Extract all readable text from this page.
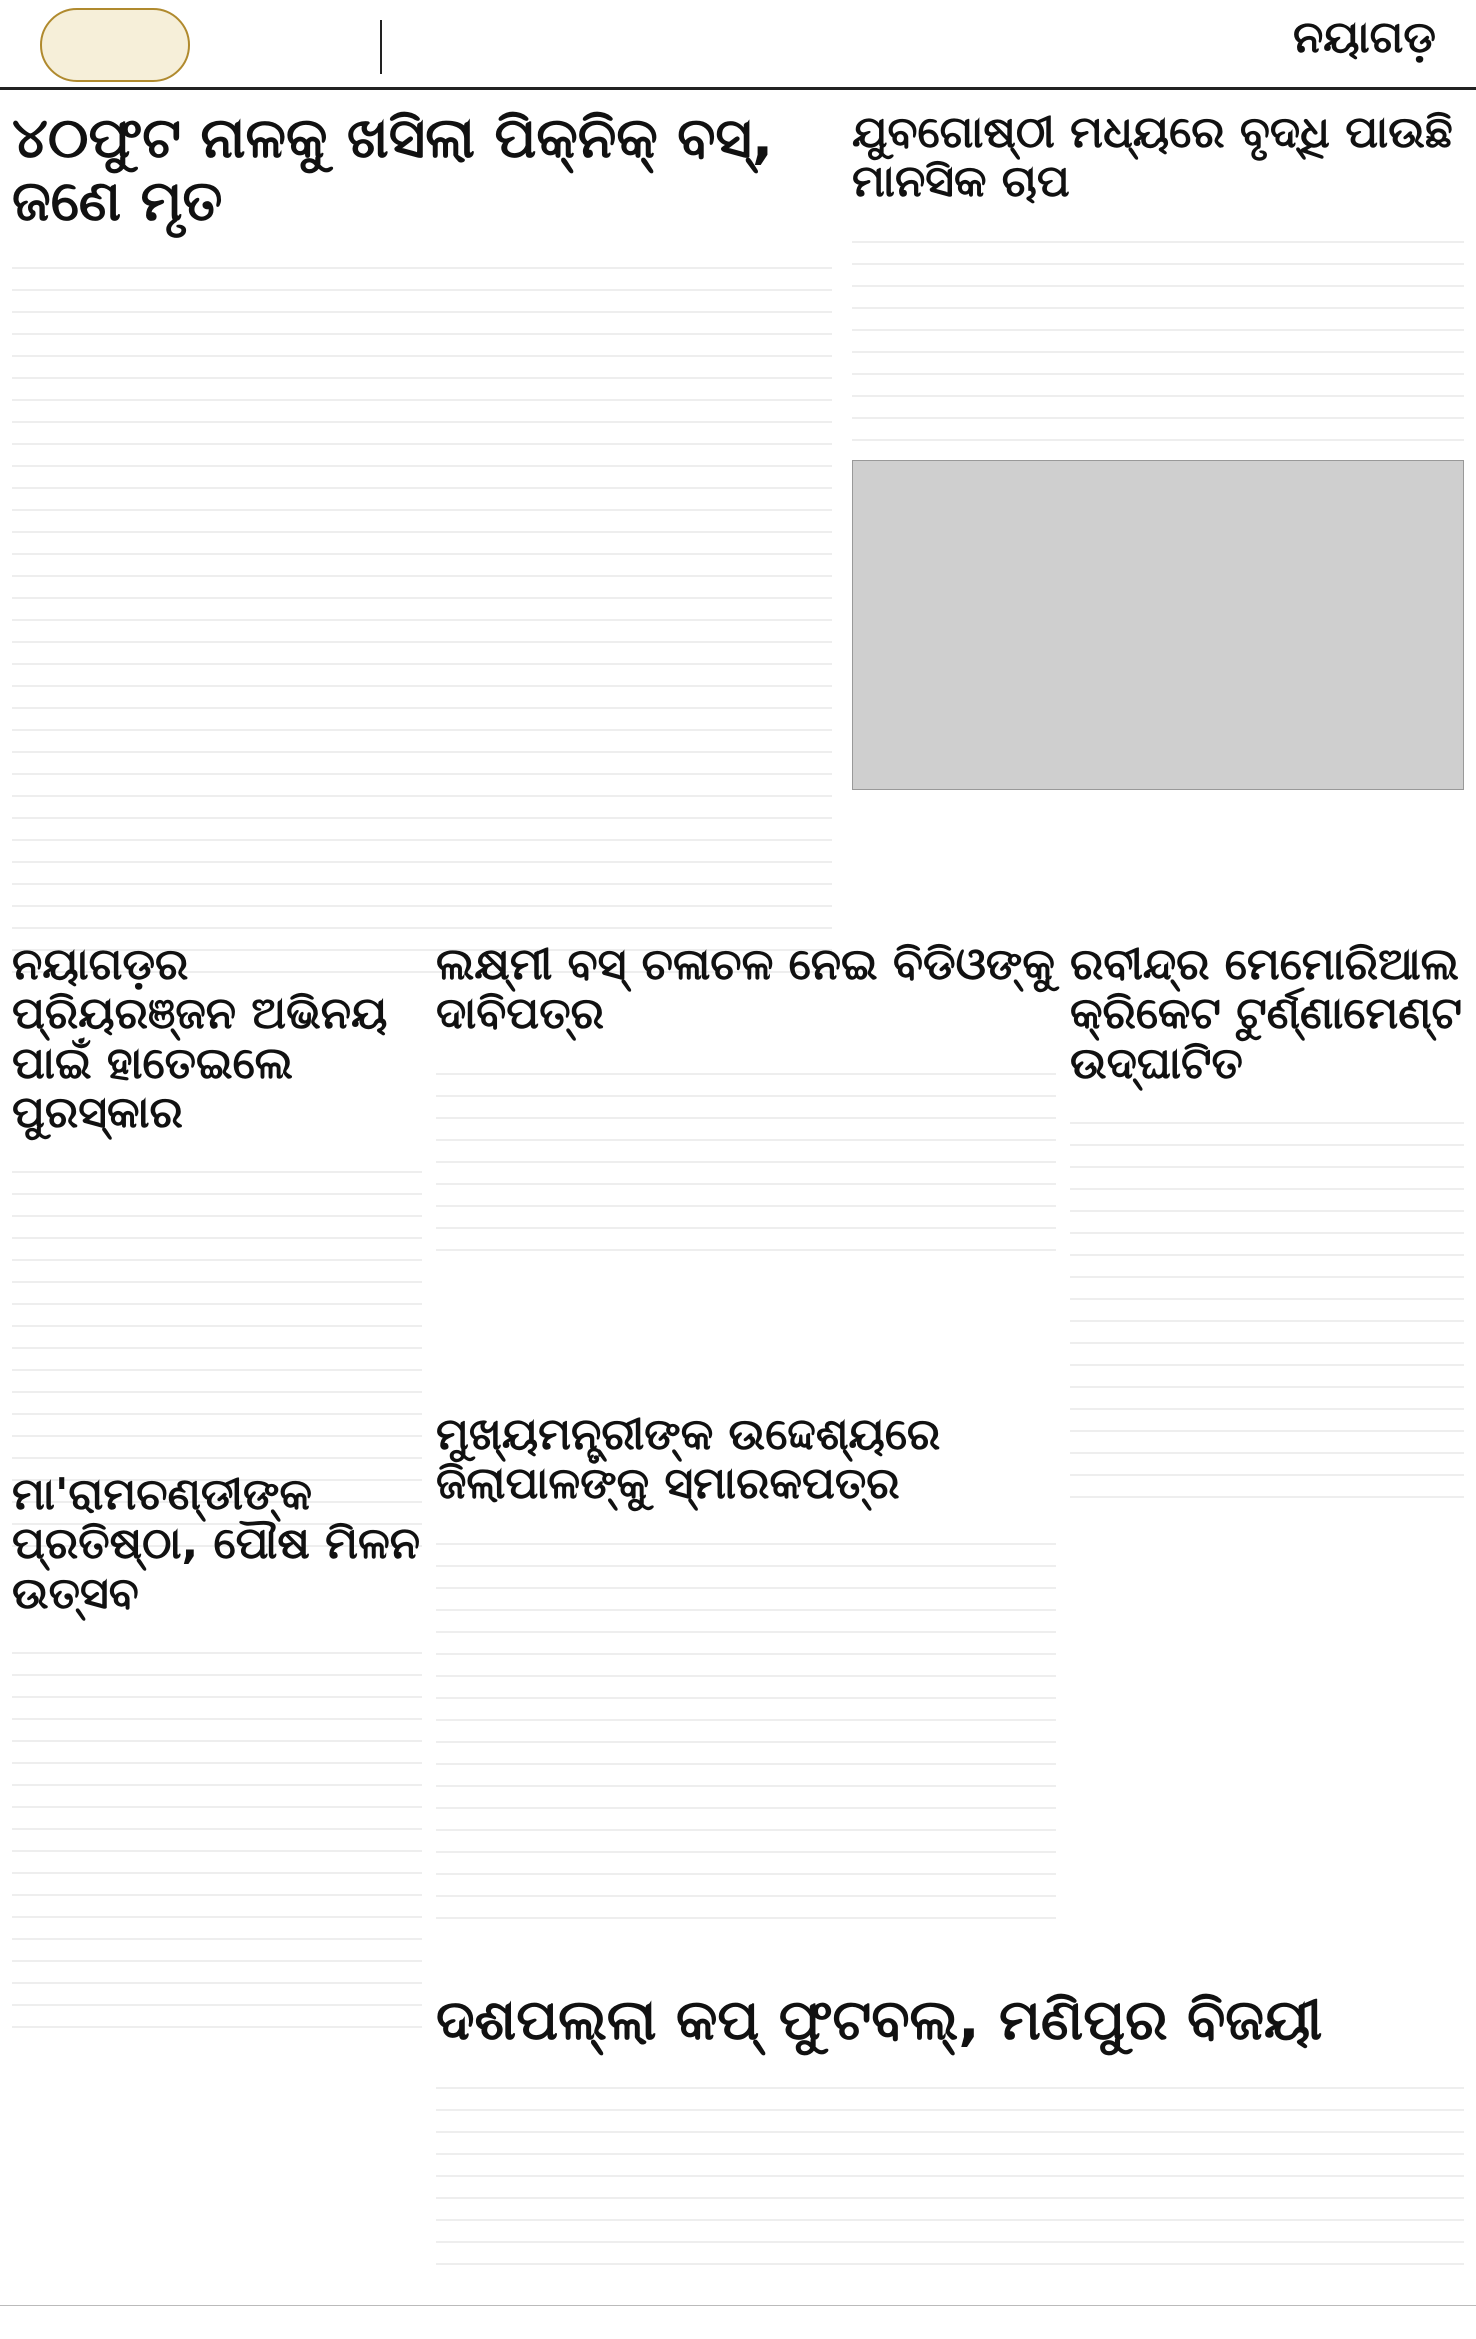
ନୟାଗଡ଼
୪୦ଫୁଟ ନାଳକୁ ଖସିଲା ପିକ୍‌ନିକ୍ ବସ୍, ଜଣେ ମୃତ
ଯୁବଗୋଷ୍ଠୀ ମଧ୍ୟରେ ବୃଦ୍ଧି ପାଉଛି ମାନସିକ ଚାପ
ନୟାଗଡ଼ର ପ୍ରିୟରଞ୍ଜନ ଅଭିନୟ ପାଇଁ ହାତେଇଲେ ପୁରସ୍କାର
ଲକ୍ଷ୍ମୀ ବସ୍ ଚଳାଚଳ ନେଇ ବିଡିଓଙ୍କୁ ଦାବିପତ୍ର
ରବୀନ୍ଦ୍ର ମେମୋରିଆଲ କ୍ରିକେଟ ଟୁର୍ଣ୍ଣାମେଣ୍ଟ ଉଦ୍‌ଘାଟିତ
ମୁଖ୍ୟମନ୍ତ୍ରୀଙ୍କ ଉଦ୍ଦେଶ୍ୟରେ ଜିଲାପାଳଙ୍କୁ ସ୍ମାରକପତ୍ର
ମା'ରାମଚଣ୍ଡୀଙ୍କ ପ୍ରତିଷ୍ଠା, ପୌଷ ମିଳନ ଉତ୍ସବ
ଦଶପଲ୍ଲା କପ୍ ଫୁଟବଲ୍, ମଣିପୁର ବିଜୟୀ
